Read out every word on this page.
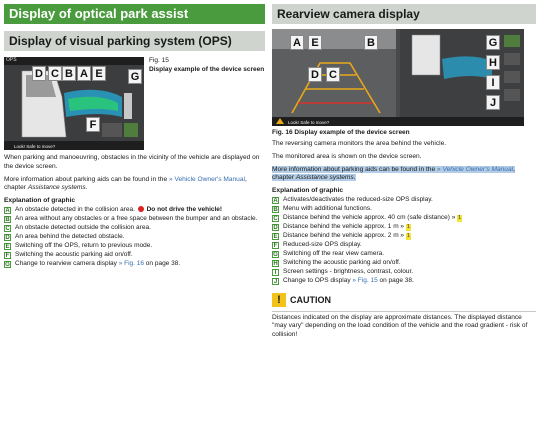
Display of optical park assist
Display of visual parking system (OPS)
OPS
Look! Safe to move?
D C B A E
F
G
Fig. 15
Display example of the device screen

When parking and manoeuvring, obstacles in the vicinity of the vehicle are displayed on the device screen.

More information about parking aids can be found in the » Vehicle Owner's Manual, chapter Assistance systems.

Explanation of graphic
A An obstacle detected in the collision area. Do not drive the vehicle!
B An area without any obstacles or a free space between the bumper and an obstacle.
C An obstacle detected outside the collision area.
D An area behind the detected obstacle.
E Switching off the OPS, return to previous mode.
F Switching the acoustic parking aid on/off.
G Change to rearview camera display » Fig. 16 on page 38.
Rearview camera display
Look! Safe to move?
A E	B
D C
G
H
I
J
Fig. 16 Display example of the device screen

The reversing camera monitors the area behind the vehicle.

The monitored area is shown on the device screen.

More information about parking aids can be found in the » Vehicle Owner's Manual, chapter Assistance systems.

Explanation of graphic
A Activates/deactivates the reduced-size OPS display.
B Menu with additional functions.
C Distance behind the vehicle approx. 40 cm (safe distance) » 1
D Distance behind the vehicle approx. 1 m » 1
E Distance behind the vehicle approx. 2 m » 1
F Reduced-size OPS display.
G Switching off the rear view camera.
H Switching the acoustic parking aid on/off.
I	Screen settings - brightness, contrast, colour.
J Change to OPS display » Fig. 15 on page 38.
!	CAUTION

Distances indicated on the display are approximate distances. The displayed distance "may vary" depending on the load condition of the vehicle and the road gradient - risk of collision!
